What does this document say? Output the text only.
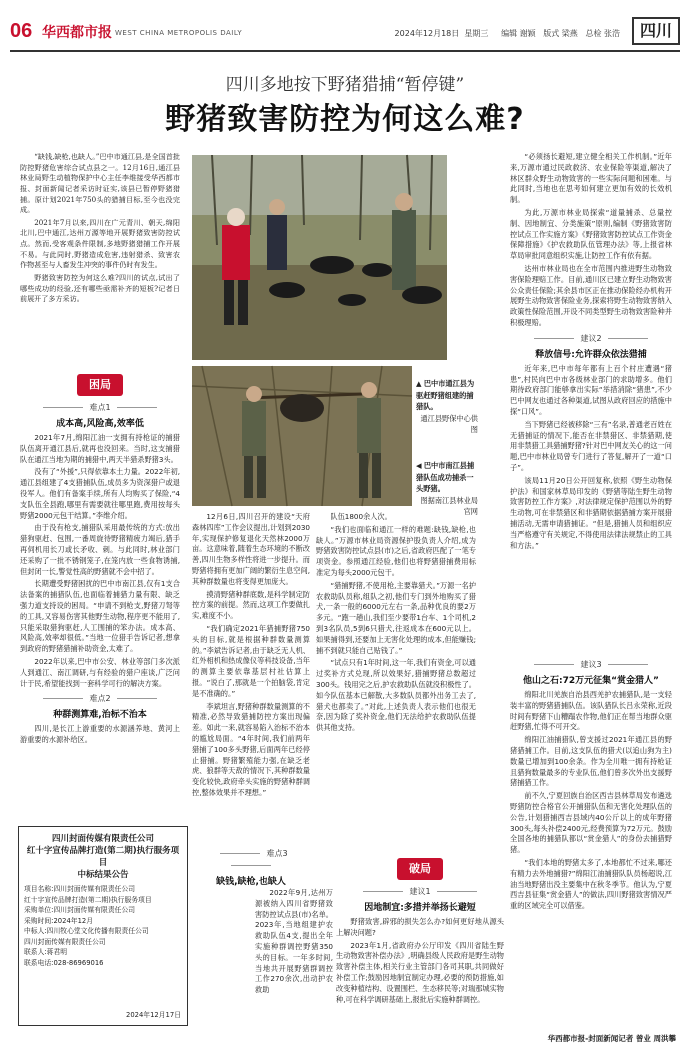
06 华西都市报 WEST CHINA METROPOLIS DAILY	2024年12月18日 星期三 编辑 谢颖 版式 梁燕 总检 张浩	四川
四川多地按下野猪猎捕“暂停键”
野猪致害防控为何这么难?

“缺钱,缺枪,也缺人。”巴中市通江县,是全国首批防控野猪危害综合试点县之一。12月16日,通江县林业局野生动植物保护中心主任李维接受华西都市报、封面新闻记者采访时证实,该县已暂停野猪猎捕。原计划2021年750头的猎捕目标,至今也没完成。

2021年7月以来,四川在广元青川、朝天,绵阳北川,巴中通江,达州万源等地开展野猪致害防控试点。然而,受客观条件限制,多地野猪猎捕工作开展不易。与此同时,野猪造成危害,违射猎杀、致害农作物甚至与人畜发生冲突的事件仍时有发生。

野猪致害防控为何这么难?四川的试点,试出了哪些成功的经验,还有哪些亟需补齐的短板?记者日前展开了多方采访。

困局
难点1
成本高,风险高,效率低

2021年7月,绵阳江油一支拥有持枪证的捕猎队伍离开通江县后,就再也没回来。当时,这支捕猎队在通江当地为期的捕猎中,两天半猎杀野猪3头。

没有了“外援”,只得依靠本土力量。2022年初,通江县组建了4支猎捕队伍,成员多为资深猎户或退役军人。他们有备案手续,所有人均购买了保险,“4支队伍全县跑,哪里有需要就往哪里跑,费用按每头野猪2000元包干结算。”李维介绍。

由于没有枪支,捕猎队采用最传统的方式:放出猎狗驱赶、包围,一番周旋待野猪精疲力竭后,猎手再伺机用长刀或长矛收、刺。与此同时,林业部门还采购了一批不锈钢笼子,在笼内放一些食物诱捕,但封闭一长,警觉性高的野猪就不会中招了。

长期遭受野猪困扰的巴中市南江县,仅有1支合法备案的捕猎队伍,也面临着捕猎力量有限、缺乏强力道支持设的困局。“申请不到枪支,野猪刀弩等的工具,又容易伤害其他野生动物,程序更不能用了,只能采取猎狗驱赶,人工围捕的笨办法。成本高、风险高,效率却很低。”当地一位猎手告诉记者,想拿到政府的野猪猎捕补助资金,太难了。

2022年以来,巴中市公安、林业等部门多次派人到通江、南江调研,与有经验的猎户座谈,广泛问计于民,希望能找到一套科学可行的解决方案。

难点2
种群测算难,治标不治本

四川,是长江上游重要的水源涵养地、黄河上游重要的水源补给区。

四川封面传媒有限责任公司
红十字宣传品牌打造(第二期)执行服务项目
中标结果公告
项目名称:四川封面传媒有限责任公司
红十字宣传品牌打造(第二期)执行服务项目
采购单位:四川封面传媒有限责任公司
采购时间:2024年12月
中标人:四川牧心堂文化传播有限责任公司
四川封面传媒有限责任公司
联系人:蒋君明
联系电话:028-86969016
2024年12月17日
▲ 巴中市通江县为驱赶野猪组建的捕猎队。
通江县野保中心供图
◀ 巴中市南江县捕猎队伍成功捕杀一头野猪。
图据南江县林业局官网

12月6日,四川召开的建设“天府森林四库”工作会议提出,计划到2030年,实现保护修复退化天然林2000万亩。这意味着,随着生态环境的不断改善,四川生物多样性将进一步提升。而野猪将拥有更加广阔的繁衍生息空间,其种群数量也将变得更加庞大。

摸清野猪种群底数,是科学制定防控方案的前提。然而,这项工作要做扎实,难度不小。

“我们确定2021年猎捕野猪750头的目标,就是根据种群数量测算的。”李斌告诉记者,由于缺乏无人机、红外相机和热成像仪等科技设备,当年的测算主要依靠基层村社估算上报。“说白了,那就是一个拍脑袋,肯定是不准确的。”

李斌坦言,野猪种群数量测算的不精准,必然导致猎捕防控方案出现偏差。如此一来,就容易陷入治标不治本的尴尬局面。“4年时间,我们前两年猎捕了100多头野猪,后面两年已经停止猎捕。野猪繁殖能力强,在缺乏老虎、狼群等天敌的情况下,其种群数量变化较快,政府牵头实施的野猪种群调控,整体效果并不理想。”

难点3
缺钱,缺枪,也缺人

2022年9月,达州万源被纳入四川省野猪致害防控试点县(市)名单。2023年,当地组建护农救助队伍4支,提出全年实施种群调控野猪350头的目标。一年多时间,当地共开展野猪群调控工作270余次,出动护农救助

队伍1800余人次。

“我们也面临和通江一样的难题:缺钱,缺枪,也缺人。”万源市林业局资源保护股负责人介绍,成为野猪致害防控试点县(市)之后,省政府匹配了一笔专项资金。参照通江经验,他们也将野猪猎捕费用标准定为每头2000元包干。

“猎捕野猪,不使用枪,主要靠猎犬。”万源一名护农救助队员称,组队之初,他们专门到外地购买了猎犬,一条一般的6000元左右一条,品种优良的要2万多元。“跑一趟山,我们至少要带1台车、1个司机,2到3名队员,5到6只猎犬,往返成本在600元以上。如果捕得到,还要加上无害化处理的成本,但能赚钱;捕不到就只能自己贴钱了。”

“试点只有1年时间,这一年,我们有资金,可以通过奖补方式兑现,所以效果好,猎捕野猪总数超过300头。钱用完之后,护农救助队伍就没积极性了。如今队伍基本已解散,大多数队员都外出务工去了,猎犬也都卖了。”对此,上述负责人表示他们也很无奈,因为除了奖补资金,他们无法给护农救助队伍提供其他支持。

破局
建议1
因地制宜:多措并举扬长避短

野猪致害,辟邪的损失怎么办?如何更好地从源头上解决问题?

2023年1月,省政府办公厅印发《四川省陆生野生动物致害补偿办法》,明确县级人民政府是野生动物致害补偿主体,相关行业主管部门各司其职,共同做好补偿工作;鼓励因地制宜制定办理,必要的预防措施,如改变种植结构、设置围栏、生态移民等;对瑞那城实物种,可在科学调研基础上,报批后实施种群调控。

“必须扬长避短,建立健全相关工作机制。”近年来,万源市通过民政救济、农业保险等渠道,解决了林区群众野生动物致害的一些实际问题和困难。与此同时,当地也在思考如何建立更加有效的长效机制。

为此,万源市林业局探索“道量捕杀、总量控制、因地制宜、分类施策”原则,编制《野猪致害防控试点工作实施方案》《野猪致害防控试点工作资金保障措施》《护农救助队伍管理办法》等,上报省林草局审批同意组织实施,让防控工作有依有据。

达州市林业局也在全市范围内推进野生动物致害保险理赔工作。目前,通川区已建立野生动物致害公众责任保险;其余县市区正在推动保险经办机构开展野生动物致害保险业务,探索将野生动物致害纳入政策性保险范围,开设不同类型野生动物致害险种并积极理赔。

建议2
释放信号:允许群众依法猎捕

近年来,巴中市每年都有上百个村庄遭遇“猪患”,村民向巴中市各级林业部门的求助增多。他们期待政府部门能够拿出实际“举措消除“猪患”,不少巴中网友也通过各种渠道,试图从政府回应的措施中探“口风”。

当下野猪已经被移除“三有”名录,普通老百姓在无猎捕证的情况下,能否在非禁猎区、非禁猎期,使用非禁猎工具猎捕野猪?针对巴中网友关心的这一问题,巴中市林业局曾专门进行了答复,解开了一道“口子”。

该局11月20日公开回复称,依照《野生动物保护法》和国家林草局印发的《野猪等陆生野生动物致害防控工作方案》,对法律规定保护范围以外的野生动物,可在非禁猎区和非猎期依据猎捕方案开展猎捕活动,无需申请猎捕证。“但是,猎捕人员和组织应当严格遵守有关规定,不得使用法律法规禁止的工具和方法。”

建议3
他山之石:72万元征集“赏金猎人”

绵阳北川羌族自治县西羌护农捕猎队,是一支轻装丰富的野猪猎捕队伍。该队猎队长吕永荣称,近段时间有野猪下山糟蹋农作物,他们正在帮当地群众驱赶野猪,忙得不可开交。

绵阳江油捕猎队,曾支援过2021年通江县的野猪猎捕工作。目前,这支队伍的猎犬(以追山狗为主)数量已增加到100余条。作为全川唯一拥有持枪证且猎狗数量最多的专业队伍,他们曾多次外出支援野猪捕猎工作。

前不久,宁夏回族自治区西吉县林草局发布遴选野猪防控合格官公开捕猎队伍和无害化处理队伍的公告,计划猎捕西吉县域内40公斤以上的成年野猪300头,每头补偿2400元,经费预算为72万元。鼓励全国各地的捕猎队都以“赏金猎人”的身份去捕猎野猪。

“我们本地的野猪太多了,本地都忙不过来,哪还有精力去外地捕猎?”绵阳江油捕猎队队员杨超说,江油当地野猪出没主要集中在秋冬季节。他认为,宁夏西吉县征集“赏金猎人”的做法,四川野猪致害情况严重的区域完全可以借鉴。

华西都市报-封面新闻记者 曾业 周洪攀
